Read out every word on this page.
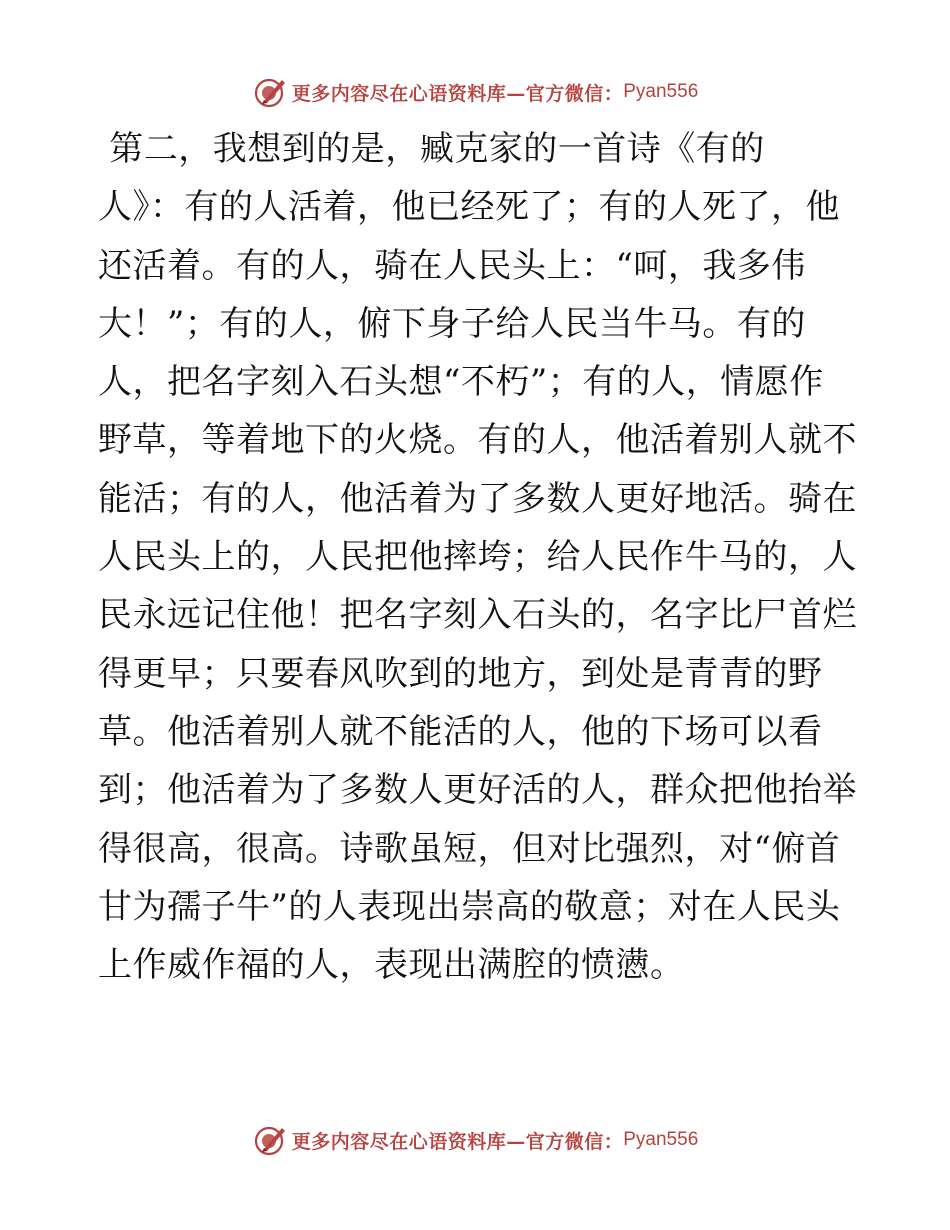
更多内容尽在心语资料库—官方微信： Pyan556
第二，我想到的是，臧克家的一首诗《有的
人》：有的人活着，他已经死了；有的人死了，他
还活着。有的人，骑在人民头上：“呵，我多伟
大！”；有的人，俯下身子给人民当牛马。有的
人，把名字刻入石头想“不朽”；有的人，情愿作
野草，等着地下的火烧。有的人，他活着别人就不
能活；有的人，他活着为了多数人更好地活。骑在
人民头上的，人民把他摔垮；给人民作牛马的，人
民永远记住他！把名字刻入石头的，名字比尸首烂
得更早；只要春风吹到的地方，到处是青青的野
草。他活着别人就不能活的人，他的下场可以看
到；他活着为了多数人更好活的人，群众把他抬举
得很高，很高。诗歌虽短，但对比强烈，对“俯首
甘为孺子牛”的人表现出崇高的敬意；对在人民头
上作威作福的人，表现出满腔的愤懑。
更多内容尽在心语资料库—官方微信： Pyan556
